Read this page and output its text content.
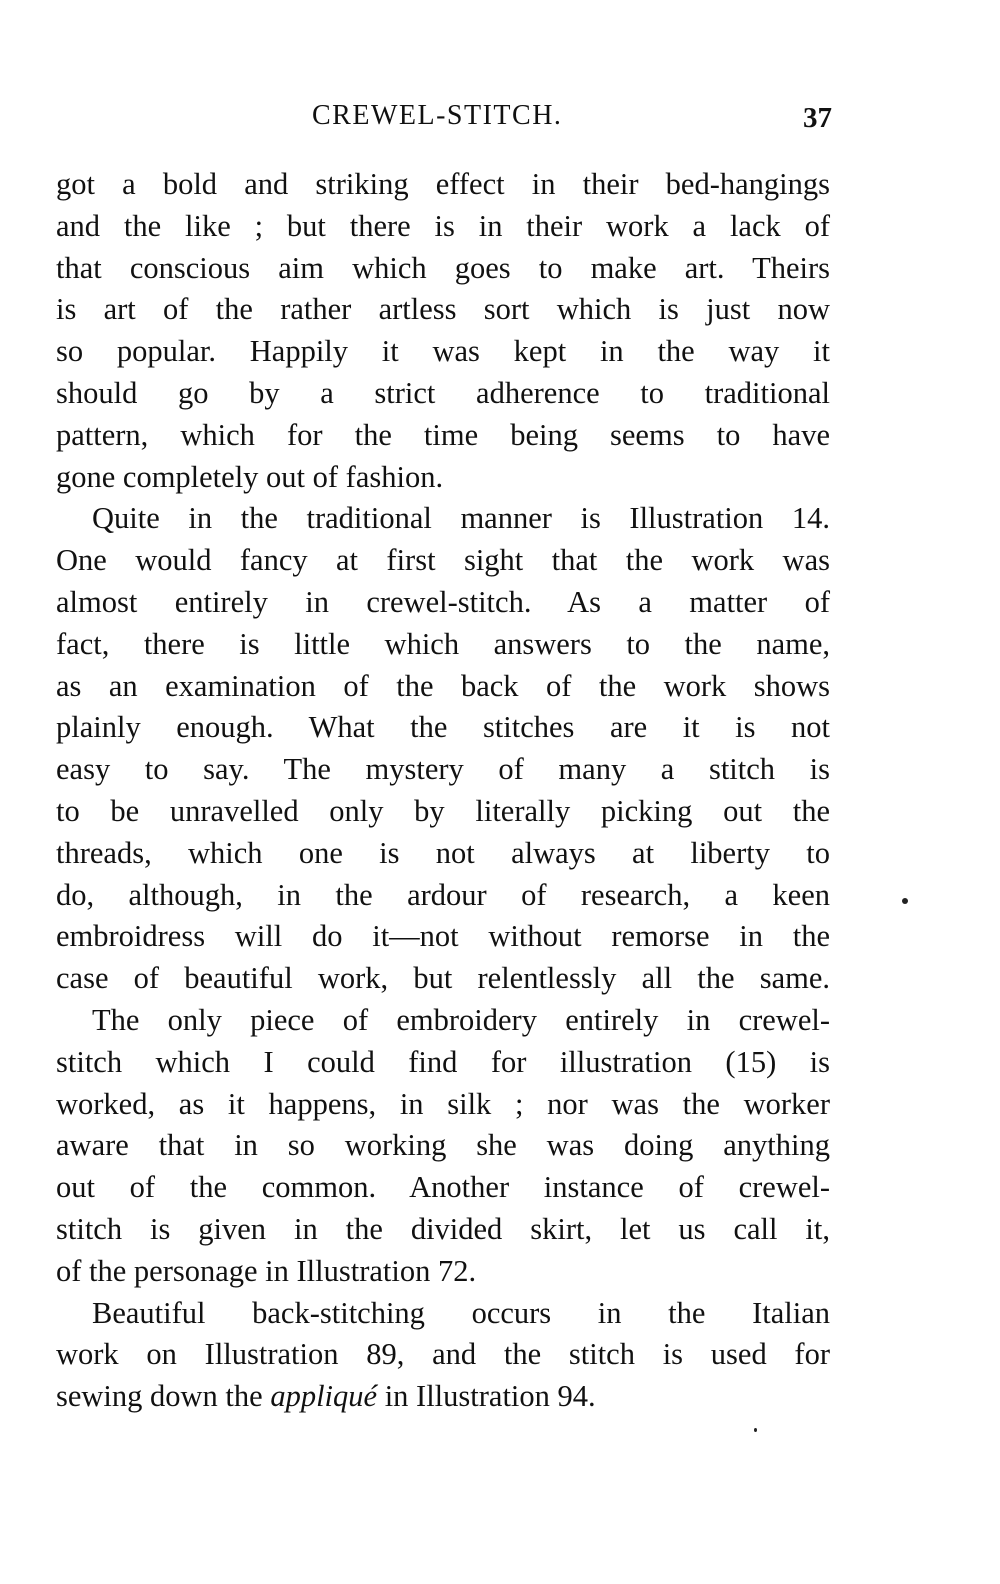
CREWEL-STITCH.	37

got a bold and striking effect in their bed-hangings
and the like ; but there is in their work a lack of
that conscious aim which goes to make art. Theirs
is art of the rather artless sort which is just now
so popular. Happily it was kept in the way it
should go by a strict adherence to traditional
pattern, which for the time being seems to have
gone completely out of fashion.

Quite in the traditional manner is Illustration 14.
One would fancy at first sight that the work was
almost entirely in crewel-stitch. As a matter of
fact, there is little which answers to the name,
as an examination of the back of the work shows
plainly enough. What the stitches are it is not
easy to say. The mystery of many a stitch is
to be unravelled only by literally picking out the
threads, which one is not always at liberty to
do, although, in the ardour of research, a keen
embroidress will do it—not without remorse in the
case of beautiful work, but relentlessly all the same.

The only piece of embroidery entirely in crewel-
stitch which I could find for illustration (15) is
worked, as it happens, in silk ; nor was the worker
aware that in so working she was doing anything
out of the common. Another instance of crewel-
stitch is given in the divided skirt, let us call it,
of the personage in Illustration 72.

Beautiful back-stitching occurs in the Italian
work on Illustration 89, and the stitch is used for
sewing down the appliqué in Illustration 94.
